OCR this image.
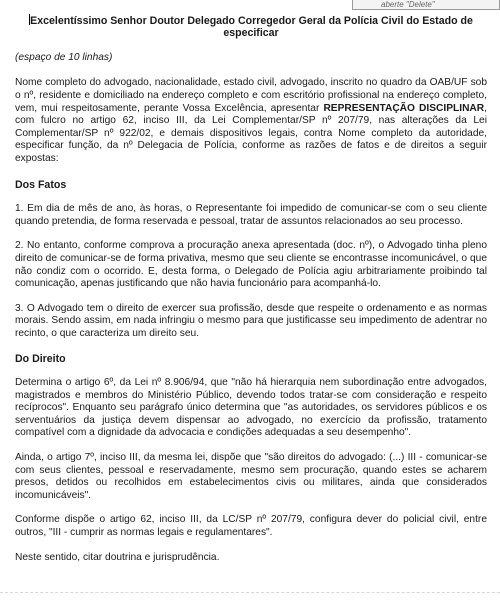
aberte "Delete"
Excelentíssimo Senhor Doutor Delegado Corregedor Geral da Polícia Civil do Estado de especificar
(espaço de 10 linhas)

Nome completo do advogado, nacionalidade, estado civil, advogado, inscrito no quadro da OAB/UF sob o nº, residente e domiciliado na endereço completo e com escritório profissional na endereço completo, vem, mui respeitosamente, perante Vossa Excelência, apresentar REPRESENTAÇÃO DISCIPLINAR, com fulcro no artigo 62, inciso III, da Lei Complementar/SP nº 207/79, nas alterações da Lei Complementar/SP nº 922/02, e demais dispositivos legais, contra Nome completo da autoridade, especificar função, da nº Delegacia de Polícia, conforme as razões de fatos e de direitos a seguir expostas:

Dos Fatos

1. Em dia de mês de ano, às horas, o Representante foi impedido de comunicar-se com o seu cliente quando pretendia, de forma reservada e pessoal, tratar de assuntos relacionados ao seu processo.

2. No entanto, conforme comprova a procuração anexa apresentada (doc. nº), o Advogado tinha pleno direito de comunicar-se de forma privativa, mesmo que seu cliente se encontrasse incomunicável, o que não condiz com o ocorrido. E, desta forma, o Delegado de Polícia agiu arbitrariamente proibindo tal comunicação, apenas justificando que não havia funcionário para acompanhá-lo.

3. O Advogado tem o direito de exercer sua profissão, desde que respeite o ordenamento e as normas morais. Sendo assim, em nada infringiu o mesmo para que justificasse seu impedimento de adentrar no recinto, o que caracteriza um direito seu.

Do Direito

Determina o artigo 6º, da Lei nº 8.906/94, que "não há hierarquia nem subordinação entre advogados, magistrados e membros do Ministério Público, devendo todos tratar-se com consideração e respeito recíprocos". Enquanto seu parágrafo único determina que "as autoridades, os servidores públicos e os serventuários da justiça devem dispensar ao advogado, no exercício da profissão, tratamento compatível com a dignidade da advocacia e condições adequadas a seu desempenho".

Ainda, o artigo 7º, inciso III, da mesma lei, dispõe que "são direitos do advogado: (...) III - comunicar-se com seus clientes, pessoal e reservadamente, mesmo sem procuração, quando estes se acharem presos, detidos ou recolhidos em estabelecimentos civis ou militares, ainda que considerados incomunicáveis".

Conforme dispõe o artigo 62, inciso III, da LC/SP nº 207/79, configura dever do policial civil, entre outros, "III - cumprir as normas legais e regulamentares".

Neste sentido, citar doutrina e jurisprudência.
